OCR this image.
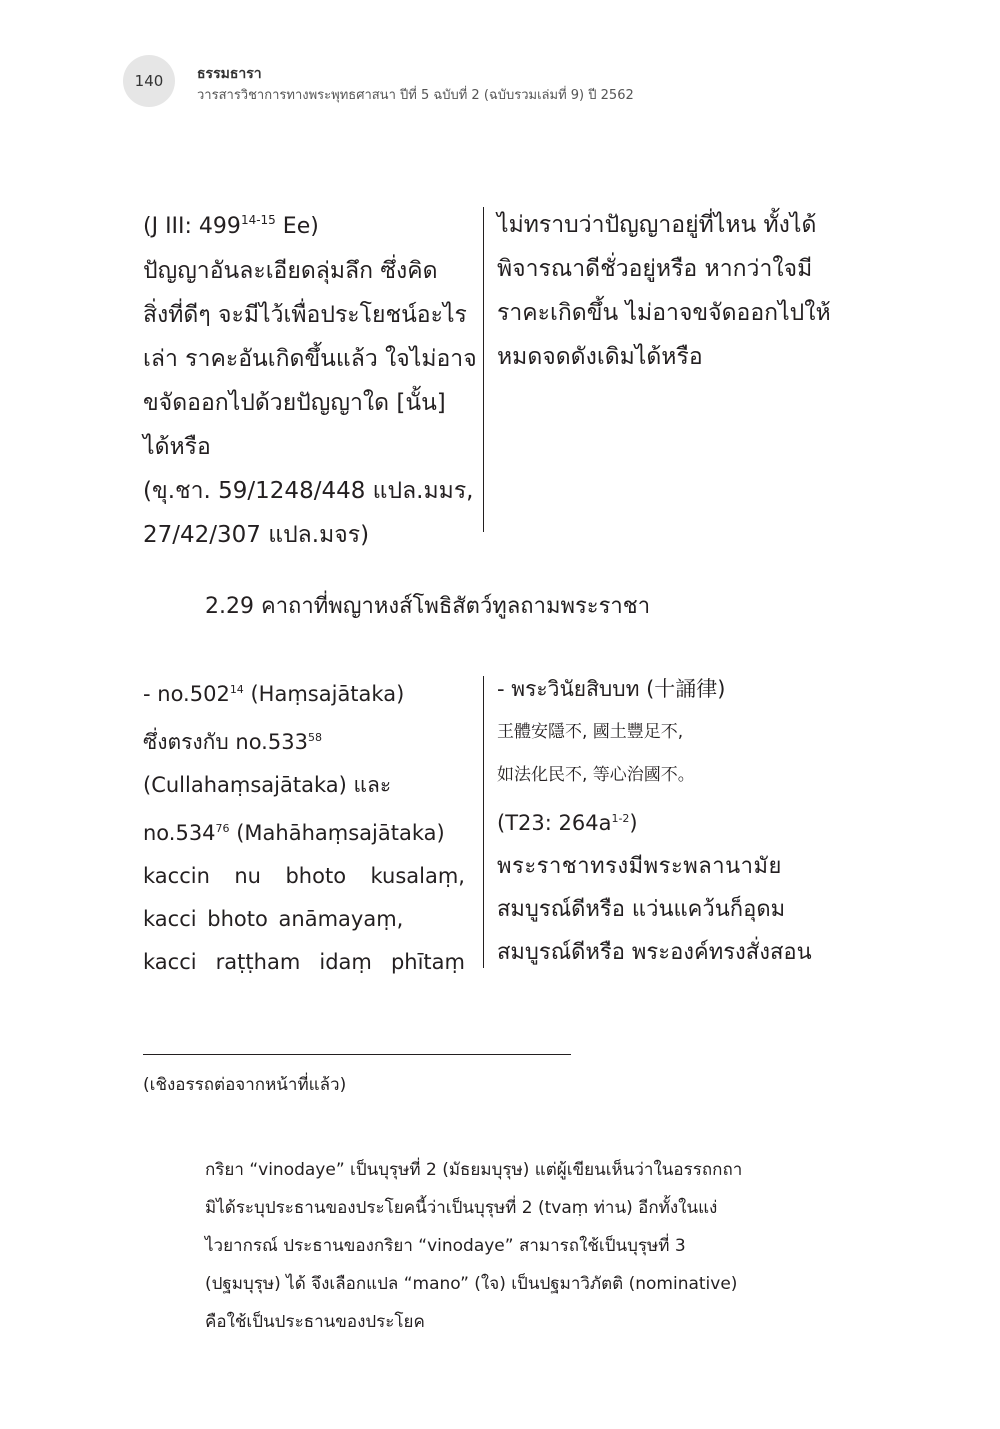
140 ธรรมธารา
วารสารวิชาการทางพระพุทธศาสนา ปีที่ 5 ฉบับที่ 2 (ฉบับรวมเล่มที่ 9) ปี 2562
(J III: 499$^{14-15}$ Ee)
ปัญญาอันละเอียดลุ่มลึก ซึ่งคิด
สิ่งที่ดีๆ จะมีไว้เพื่อประโยชน์อะไร
เล่า ราคะอันเกิดขึ้นแล้ว ใจไม่อาจ
ขจัดออกไปด้วยปัญญาใด [นั้น]
ได้หรือ
(ขุ.ชา. 59/1248/448 แปล.มมร,
27/42/307 แปล.มจร)
ไม่ทราบว่าปัญญาอยู่ที่ไหน ทั้งได้
พิจารณาดีชั่วอยู่หรือ หากว่าใจมี
ราคะเกิดขึ้น ไม่อาจขจัดออกไปให้
หมดจดดังเดิมได้หรือ
2.29 คาถาที่พญาหงส์โพธิสัตว์ทูลถามพระราชา
- no.502$^{14}$ (Haṃsajātaka)
ซึ่งตรงกับ no.533$^{58}$
(Cullahaṃsajātaka) และ
no.534$^{76}$ (Mahāhaṃsajātaka)
kaccin nu bhoto kusalaṃ,
kacci bhoto anāmayaṃ,
kacci raṭṭham idaṃ phītaṃ
- พระวินัยสิบบท (十誦律)
王體安隱不, 國土豐足不,
如法化民不, 等心治國不。
(T23: $264a^{1-2}$)
พระราชาทรงมีพระพลานามัย
สมบูรณ์ดีหรือ แว่นแคว้นก็อุดม
สมบูรณ์ดีหรือ พระองค์ทรงสั่งสอน
(เชิงอรรถต่อจากหน้าที่แล้ว)
กริยา “vinodaye” เป็นบุรุษที่ 2 (มัธยมบุรุษ) แต่ผู้เขียนเห็นว่าในอรรถกถา
มิได้ระบุประธานของประโยคนี้ว่าเป็นบุรุษที่ 2 (tvaṃ ท่าน) อีกทั้งในแง่
ไวยากรณ์ ประธานของกริยา “vinodaye” สามารถใช้เป็นบุรุษที่ 3
(ปฐมบุรุษ) ได้ จึงเลือกแปล “mano” (ใจ) เป็นปฐมาวิภัตติ (nominative)
คือใช้เป็นประธานของประโยค
